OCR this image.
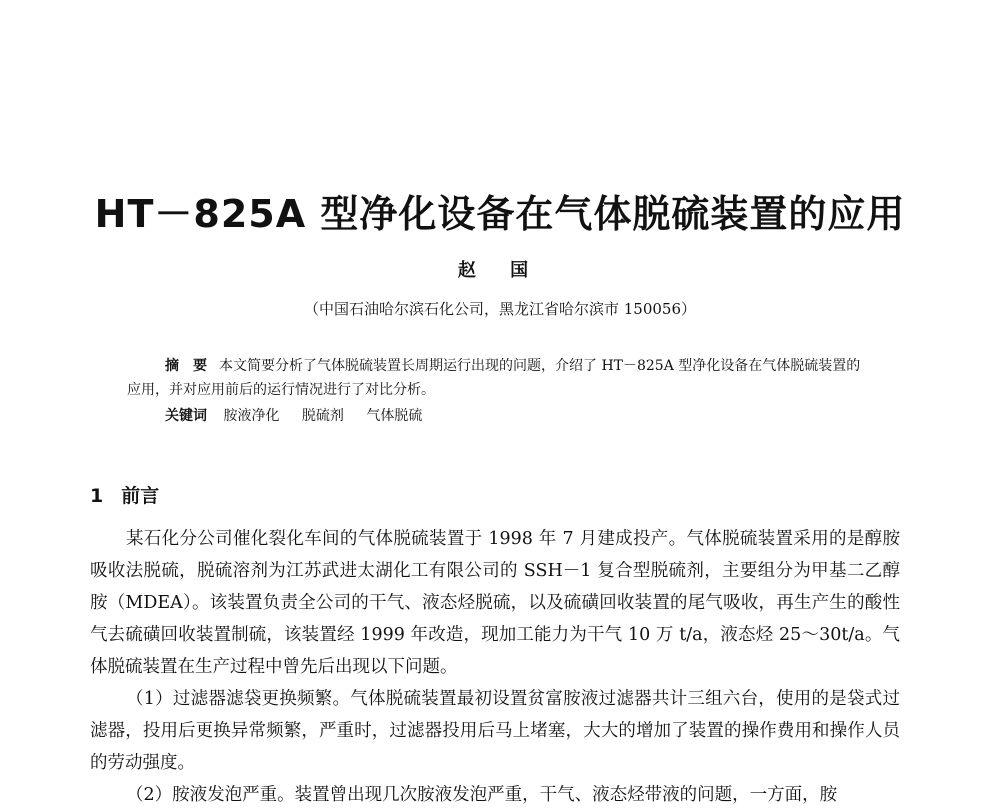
HT－825A 型净化设备在气体脱硫装置的应用
赵 国
（中国石油哈尔滨石化公司，黑龙江省哈尔滨市 150056）

摘　要 本文简要分析了气体脱硫装置长周期运行出现的问题，介绍了 HT－825A 型净化设备在气体脱硫装置的应用，并对应用前后的运行情况进行了对比分析。

关键词 胺液净化 脱硫剂 气体脱硫
1 前言

某石化分公司催化裂化车间的气体脱硫装置于 1998 年 7 月建成投产。气体脱硫装置采用的是醇胺吸收法脱硫，脱硫溶剂为江苏武进太湖化工有限公司的 SSH－1 复合型脱硫剂，主要组分为甲基二乙醇胺（MDEA）。该装置负责全公司的干气、液态烃脱硫，以及硫磺回收装置的尾气吸收，再生产生的酸性气去硫磺回收装置制硫，该装置经 1999 年改造，现加工能力为干气 10 万 t/a，液态烃 25～30t/a。气体脱硫装置在生产过程中曾先后出现以下问题。

（1）过滤器滤袋更换频繁。气体脱硫装置最初设置贫富胺液过滤器共计三组六台，使用的是袋式过滤器，投用后更换异常频繁，严重时，过滤器投用后马上堵塞，大大的增加了装置的操作费用和操作人员的劳动强度。

（2）胺液发泡严重。装置曾出现几次胺液发泡严重，干气、液态烃带液的问题，一方面，胺
